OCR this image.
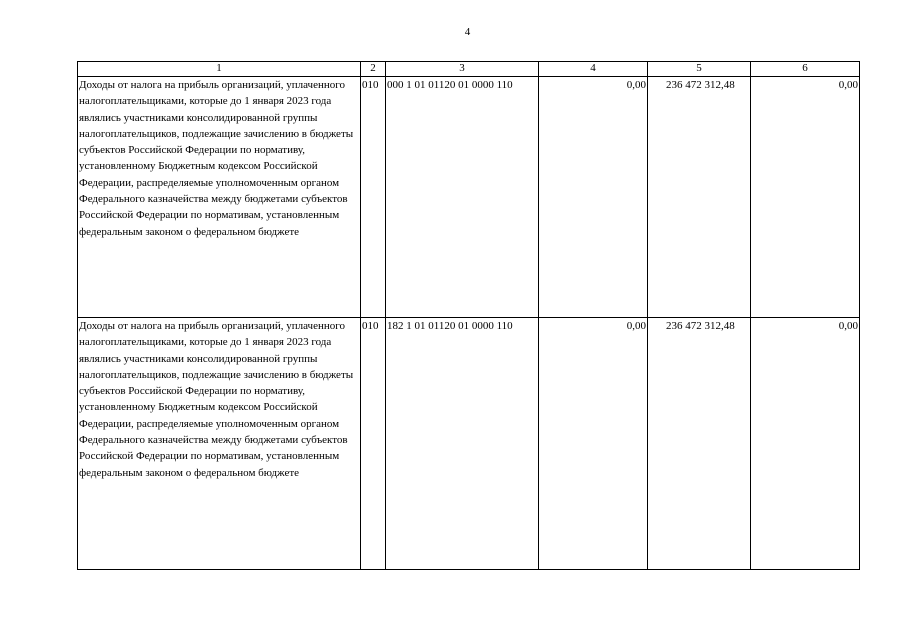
4
1	2	3	4	5	6
Доходы от налога на прибыль организаций, уплаченного налогоплательщиками, которые до 1 января 2023 года являлись участниками консолидированной группы налогоплательщиков, подлежащие зачислению в бюджеты субъектов Российской Федерации по нормативу, установленному Бюджетным кодексом Российской Федерации, распределяемые уполномоченным органом Федерального казначейства между бюджетами субъектов Российской Федерации по нормативам, установленным федеральным законом о федеральном бюджете	010	000 1 01 01120 01 0000 110	0,00	236 472 312,48	0,00
Доходы от налога на прибыль организаций, уплаченного налогоплательщиками, которые до 1 января 2023 года являлись участниками консолидированной группы налогоплательщиков, подлежащие зачислению в бюджеты субъектов Российской Федерации по нормативу, установленному Бюджетным кодексом Российской Федерации, распределяемые уполномоченным органом Федерального казначейства между бюджетами субъектов Российской Федерации по нормативам, установленным федеральным законом о федеральном бюджете	010	182 1 01 01120 01 0000 110	0,00	236 472 312,48	0,00
